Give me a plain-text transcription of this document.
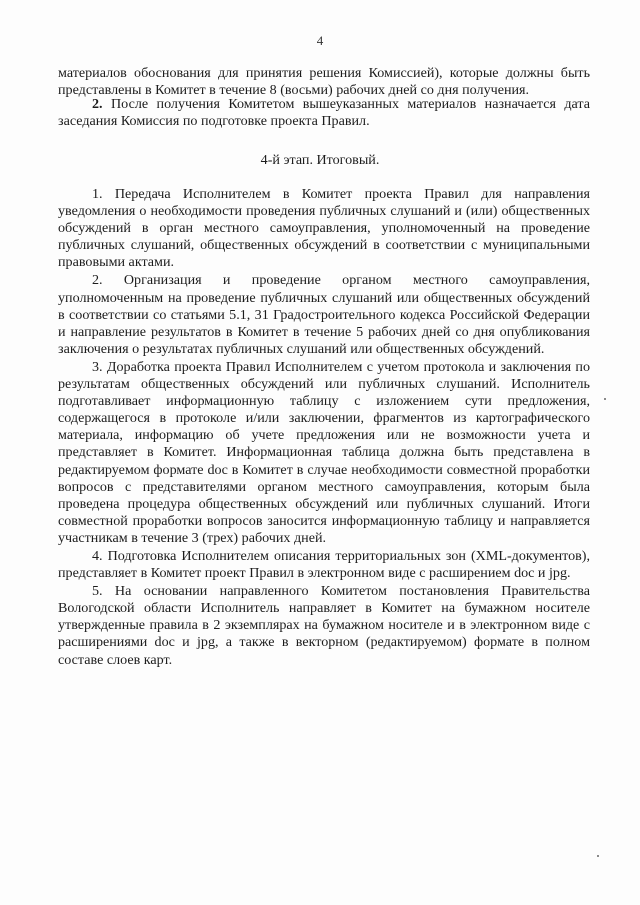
4

материалов обоснования для принятия решения Комиссией), которые должны быть представлены в Комитет в течение 8 (восьми) рабочих дней со дня получения.

2. После получения Комитетом вышеуказанных материалов назначается дата заседания Комиссия по подготовке проекта Правил.

4-й этап. Итоговый.

1. Передача Исполнителем в Комитет проекта Правил для направления уведомления о необходимости проведения публичных слушаний и (или) общественных обсуждений в орган местного самоуправления, уполномоченный на проведение публичных слушаний, общественных обсуждений в соответствии с муниципальными правовыми актами.

2. Организация и проведение органом местного самоуправления, уполномоченным на проведение публичных слушаний или общественных обсуждений в соответствии со статьями 5.1, 31 Градостроительного кодекса Российской Федерации и направление результатов в Комитет в течение 5 рабочих дней со дня опубликования заключения о результатах публичных слушаний или общественных обсуждений.

3. Доработка проекта Правил Исполнителем с учетом протокола и заключения по результатам общественных обсуждений или публичных слушаний. Исполнитель подготавливает информационную таблицу с изложением сути предложения, содержащегося в протоколе и/или заключении, фрагментов из картографического материала, информацию об учете предложения или не возможности учета и представляет в Комитет. Информационная таблица должна быть представлена в редактируемом формате doc в Комитет в случае необходимости совместной проработки вопросов с представителями органом местного самоуправления, которым была проведена процедура общественных обсуждений или публичных слушаний. Итоги совместной проработки вопросов заносится информационную таблицу и направляется участникам в течение 3 (трех) рабочих дней.

4. Подготовка Исполнителем описания территориальных зон (XML-документов), представляет в Комитет проект Правил в электронном виде с расширением doc и jpg.

5. На основании направленного Комитетом постановления Правительства Вологодской области Исполнитель направляет в Комитет на бумажном носителе утвержденные правила в 2 экземплярах на бумажном носителе и в электронном виде с расширениями doc и jpg, а также в векторном (редактируемом) формате в полном составе слоев карт.
